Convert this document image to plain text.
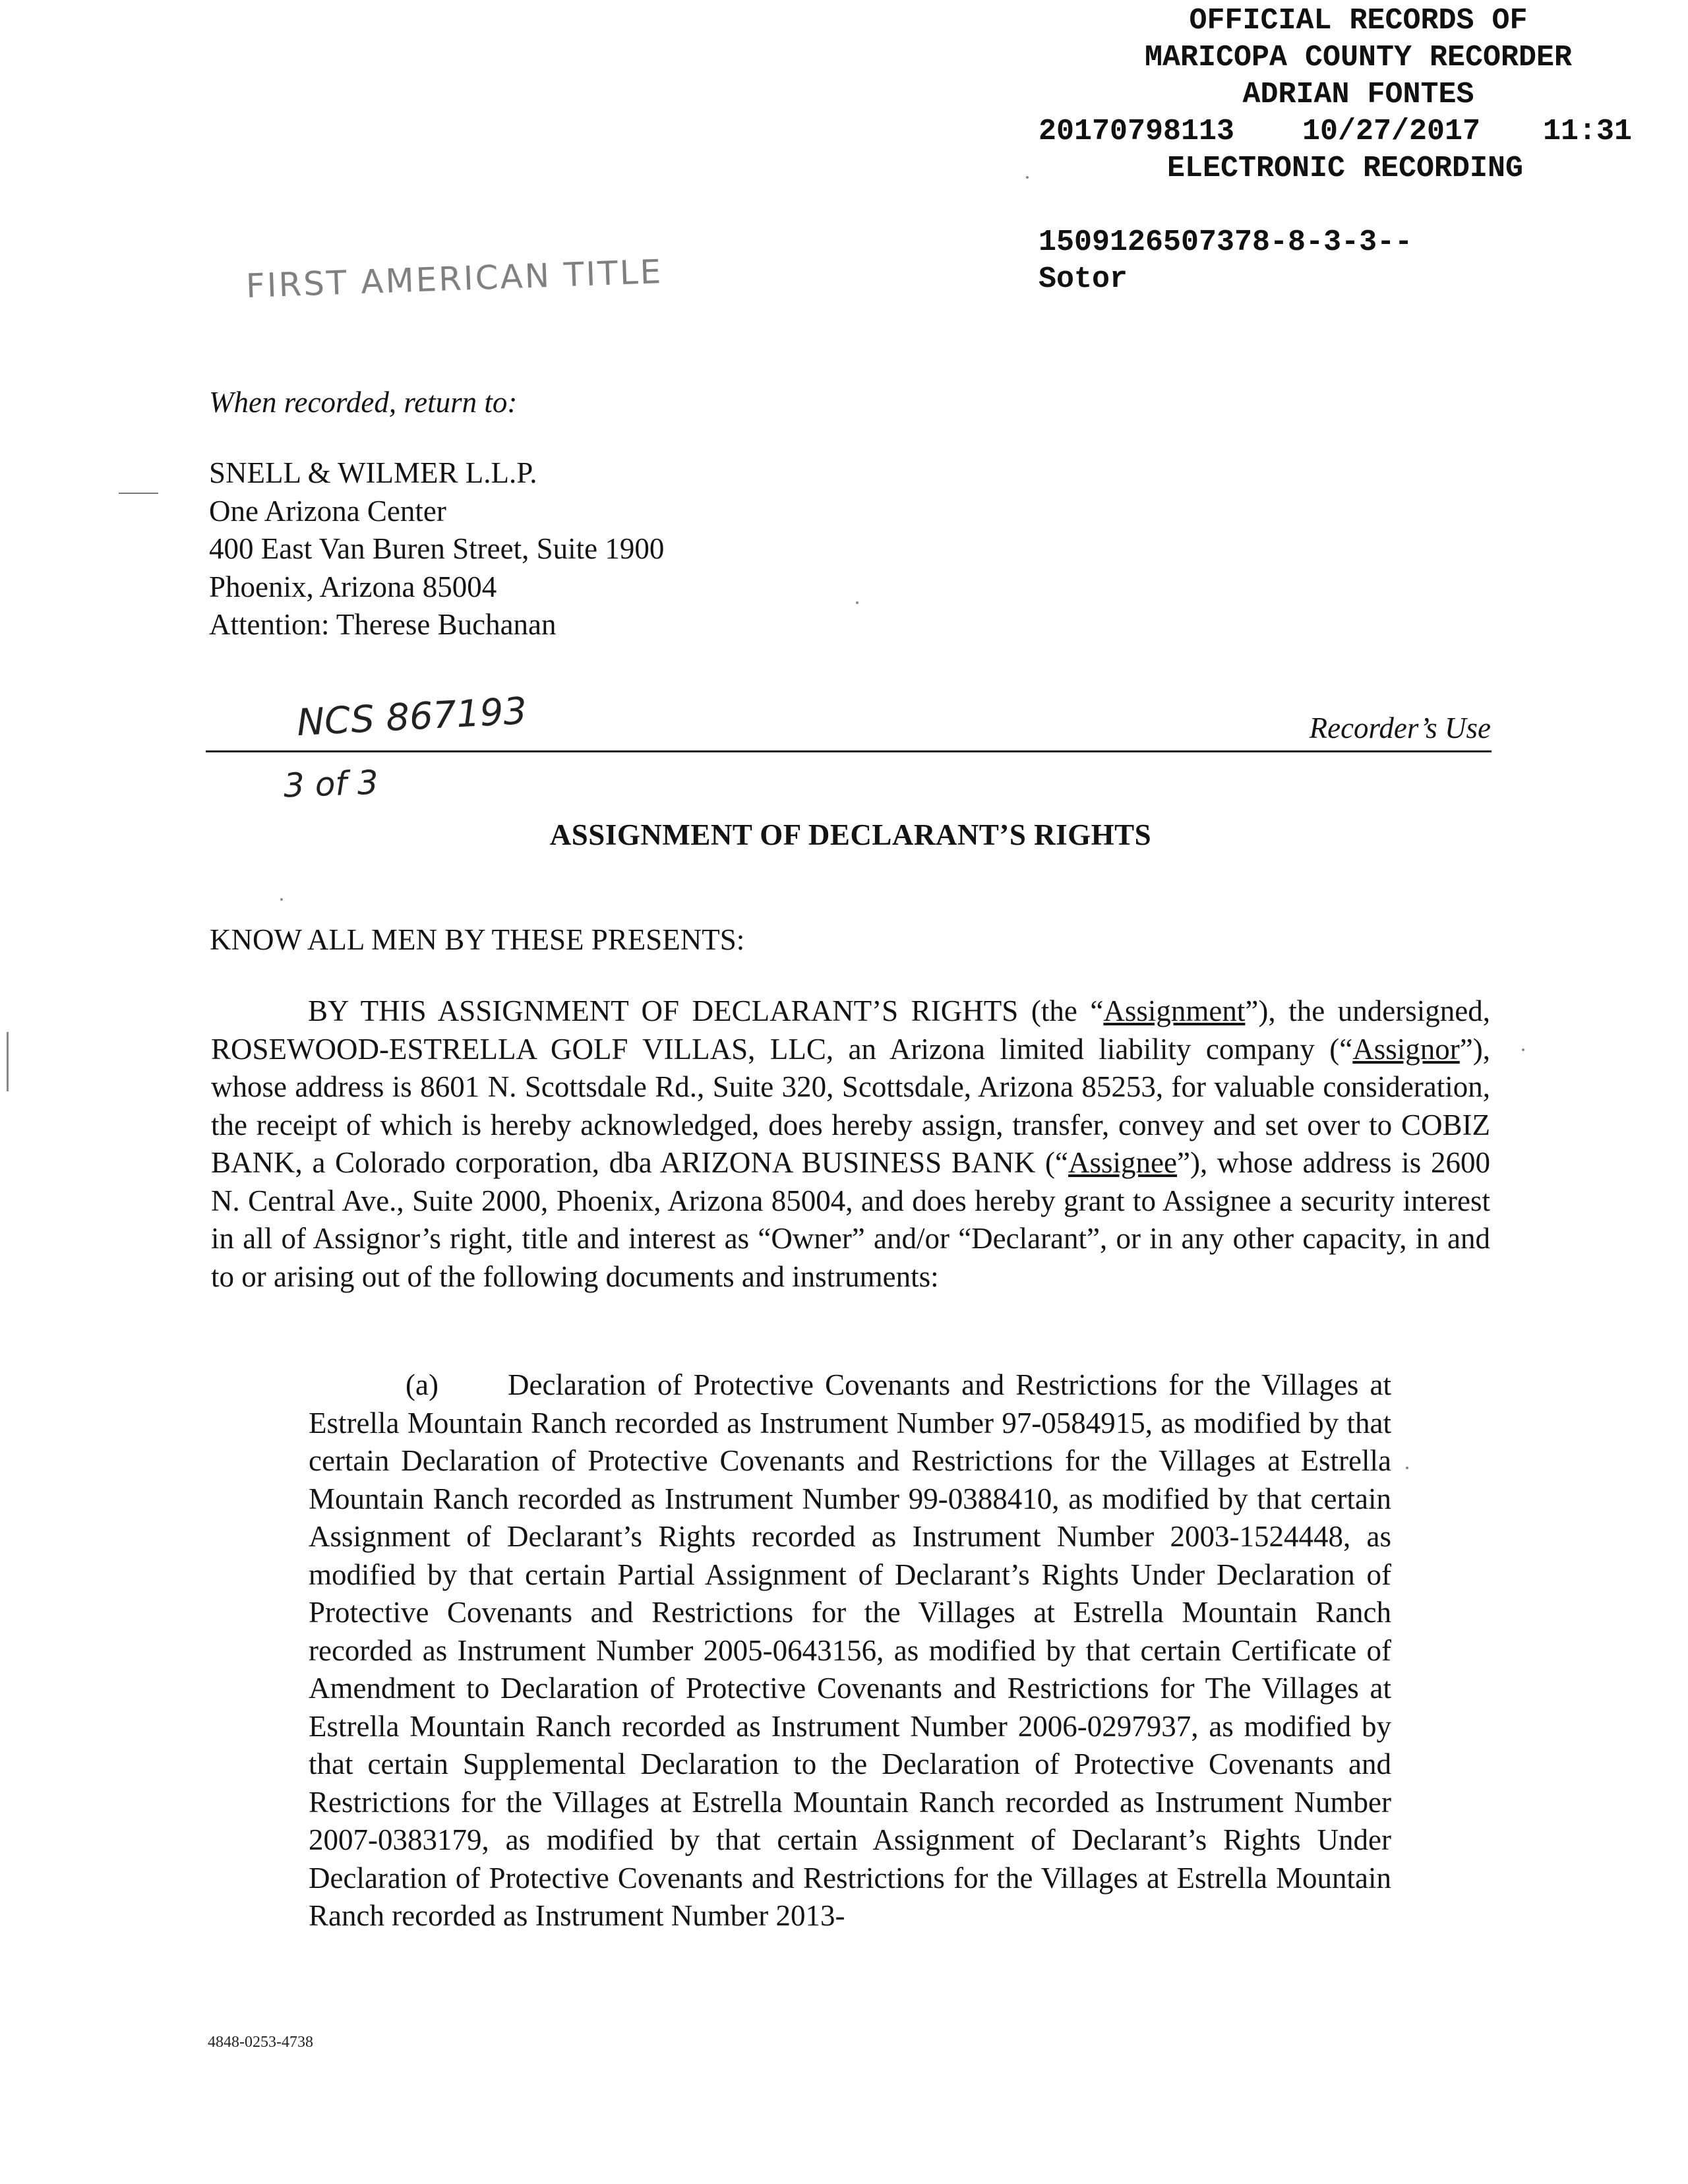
OFFICIAL RECORDS OF
MARICOPA COUNTY RECORDER
ADRIAN FONTES
20170798113 10/27/2017 11:31
ELECTRONIC RECORDING
1509126507378-8-3-3--
Sotor
FIRST AMERICAN TITLE
When recorded, return to:
SNELL & WILMER L.L.P.
One Arizona Center
400 East Van Buren Street, Suite 1900
Phoenix, Arizona 85004
Attention: Therese Buchanan
NCS 867193
3 of 3
Recorder’s Use
ASSIGNMENT OF DECLARANT’S RIGHTS
KNOW ALL MEN BY THESE PRESENTS:
BY THIS ASSIGNMENT OF DECLARANT’S RIGHTS (the “Assignment”), the undersigned, ROSEWOOD-ESTRELLA GOLF VILLAS, LLC, an Arizona limited liability company (“Assignor”), whose address is 8601 N. Scottsdale Rd., Suite 320, Scottsdale, Arizona 85253, for valuable consideration, the receipt of which is hereby acknowledged, does hereby assign, transfer, convey and set over to COBIZ BANK, a Colorado corporation, dba ARIZONA BUSINESS BANK (“Assignee”), whose address is 2600 N. Central Ave., Suite 2000, Phoenix, Arizona 85004, and does hereby grant to Assignee a security interest in all of Assignor’s right, title and interest as “Owner” and/or “Declarant”, or in any other capacity, in and to or arising out of the following documents and instruments:
(a)	Declaration of Protective Covenants and Restrictions for the Villages at Estrella Mountain Ranch recorded as Instrument Number 97-0584915, as modified by that certain Declaration of Protective Covenants and Restrictions for the Villages at Estrella Mountain Ranch recorded as Instrument Number 99-0388410, as modified by that certain Assignment of Declarant’s Rights recorded as Instrument Number 2003-1524448, as modified by that certain Partial Assignment of Declarant’s Rights Under Declaration of Protective Covenants and Restrictions for the Villages at Estrella Mountain Ranch recorded as Instrument Number 2005-0643156, as modified by that certain Certificate of Amendment to Declaration of Protective Covenants and Restrictions for The Villages at Estrella Mountain Ranch recorded as Instrument Number 2006-0297937, as modified by that certain Supplemental Declaration to the Declaration of Protective Covenants and Restrictions for the Villages at Estrella Mountain Ranch recorded as Instrument Number 2007-0383179, as modified by that certain Assignment of Declarant’s Rights Under Declaration of Protective Covenants and Restrictions for the Villages at Estrella Mountain Ranch recorded as Instrument Number 2013-
4848-0253-4738
